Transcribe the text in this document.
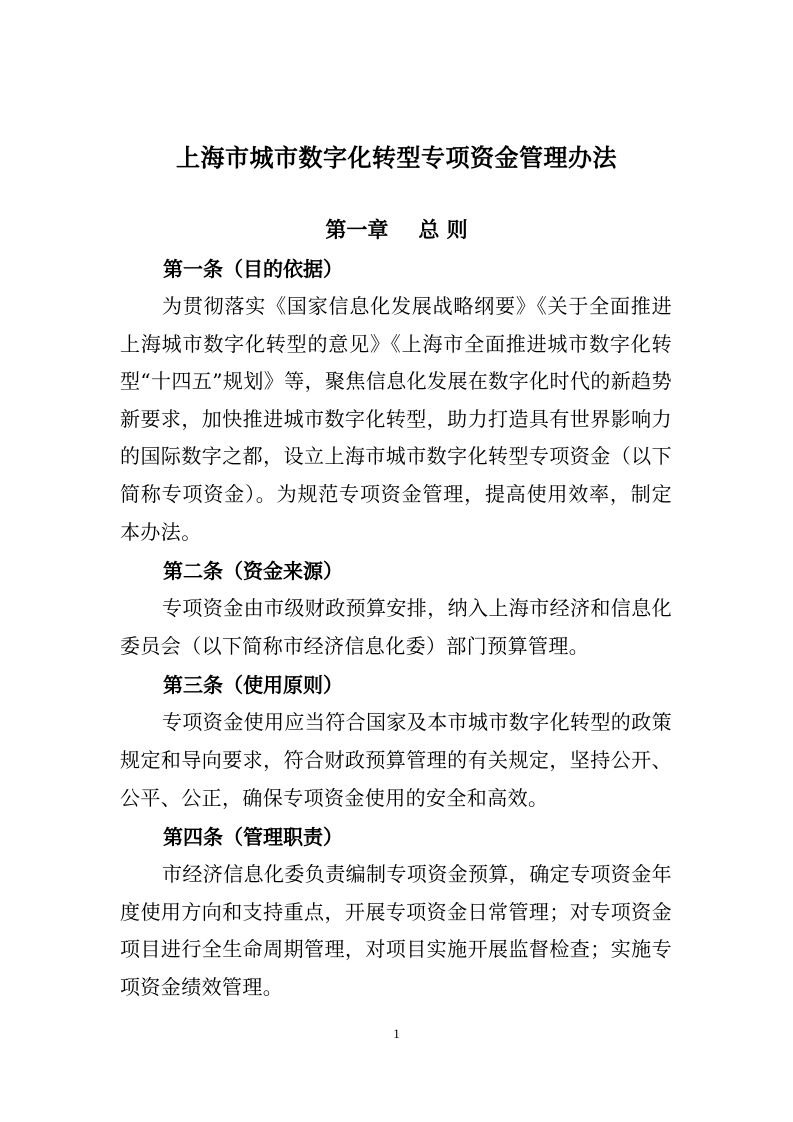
上海市城市数字化转型专项资金管理办法
第一章 总 则
第一条（目的依据）

为贯彻落实《国家信息化发展战略纲要》《关于全面推进上海城市数字化转型的意见》《上海市全面推进城市数字化转型“十四五”规划》等，聚焦信息化发展在数字化时代的新趋势新要求，加快推进城市数字化转型，助力打造具有世界影响力的国际数字之都，设立上海市城市数字化转型专项资金（以下简称专项资金）。为规范专项资金管理，提高使用效率，制定本办法。

第二条（资金来源）

专项资金由市级财政预算安排，纳入上海市经济和信息化委员会（以下简称市经济信息化委）部门预算管理。

第三条（使用原则）

专项资金使用应当符合国家及本市城市数字化转型的政策规定和导向要求，符合财政预算管理的有关规定，坚持公开、公平、公正，确保专项资金使用的安全和高效。

第四条（管理职责）

市经济信息化委负责编制专项资金预算，确定专项资金年度使用方向和支持重点，开展专项资金日常管理；对专项资金项目进行全生命周期管理，对项目实施开展监督检查；实施专项资金绩效管理。

1
